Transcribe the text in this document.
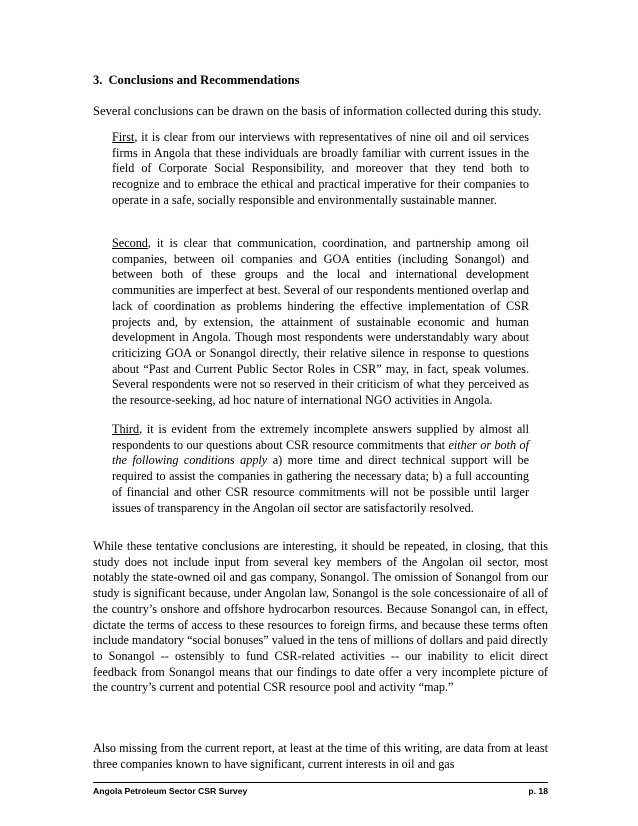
3. Conclusions and Recommendations
Several conclusions can be drawn on the basis of information collected during this study.
First, it is clear from our interviews with representatives of nine oil and oil services firms in Angola that these individuals are broadly familiar with current issues in the field of Corporate Social Responsibility, and moreover that they tend both to recognize and to embrace the ethical and practical imperative for their companies to operate in a safe, socially responsible and environmentally sustainable manner.
Second, it is clear that communication, coordination, and partnership among oil companies, between oil companies and GOA entities (including Sonangol) and between both of these groups and the local and international development communities are imperfect at best. Several of our respondents mentioned overlap and lack of coordination as problems hindering the effective implementation of CSR projects and, by extension, the attainment of sustainable economic and human development in Angola. Though most respondents were understandably wary about criticizing GOA or Sonangol directly, their relative silence in response to questions about “Past and Current Public Sector Roles in CSR” may, in fact, speak volumes. Several respondents were not so reserved in their criticism of what they perceived as the resource-seeking, ad hoc nature of international NGO activities in Angola.
Third, it is evident from the extremely incomplete answers supplied by almost all respondents to our questions about CSR resource commitments that either or both of the following conditions apply a) more time and direct technical support will be required to assist the companies in gathering the necessary data; b) a full accounting of financial and other CSR resource commitments will not be possible until larger issues of transparency in the Angolan oil sector are satisfactorily resolved.
While these tentative conclusions are interesting, it should be repeated, in closing, that this study does not include input from several key members of the Angolan oil sector, most notably the state-owned oil and gas company, Sonangol. The omission of Sonangol from our study is significant because, under Angolan law, Sonangol is the sole concessionaire of all of the country’s onshore and offshore hydrocarbon resources. Because Sonangol can, in effect, dictate the terms of access to these resources to foreign firms, and because these terms often include mandatory “social bonuses” valued in the tens of millions of dollars and paid directly to Sonangol -- ostensibly to fund CSR-related activities -- our inability to elicit direct feedback from Sonangol means that our findings to date offer a very incomplete picture of the country’s current and potential CSR resource pool and activity “map.”
Also missing from the current report, at least at the time of this writing, are data from at least three companies known to have significant, current interests in oil and gas
Angola Petroleum Sector CSR Survey	p. 18
